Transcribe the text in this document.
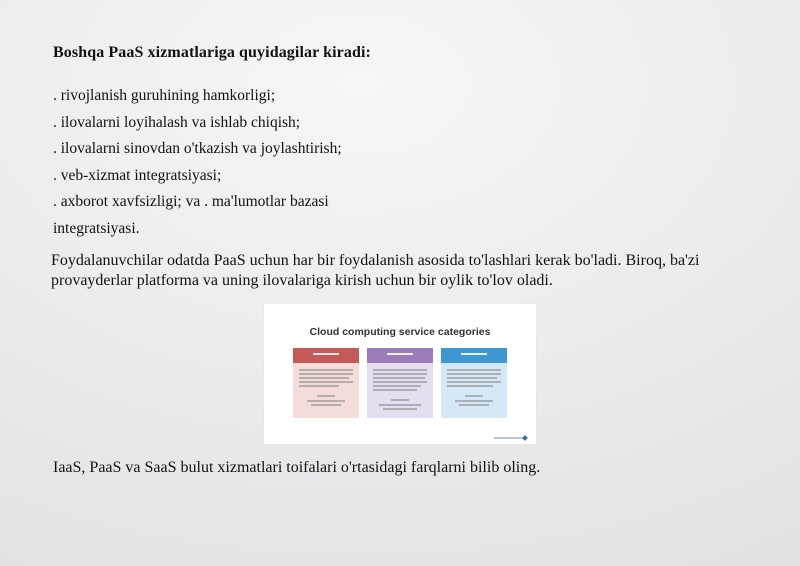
Boshqa PaaS xizmatlariga quyidagilar kiradi:
. rivojlanish guruhining hamkorligi;
. ilovalarni loyihalash va ishlab chiqish;
. ilovalarni sinovdan o'tkazish va joylashtirish;
. veb-xizmat integratsiyasi;
. axborot xavfsizligi; va . ma'lumotlar bazasi
integratsiyasi.

Foydalanuvchilar odatda PaaS uchun har bir foydalanish asosida to'lashlari kerak bo'ladi. Biroq, ba'zi provayderlar platforma va uning ilovalariga kirish uchun bir oylik to'lov oladi.

Cloud computing service categories
IaaS, PaaS va SaaS bulut xizmatlari toifalari o'rtasidagi farqlarni bilib oling.
